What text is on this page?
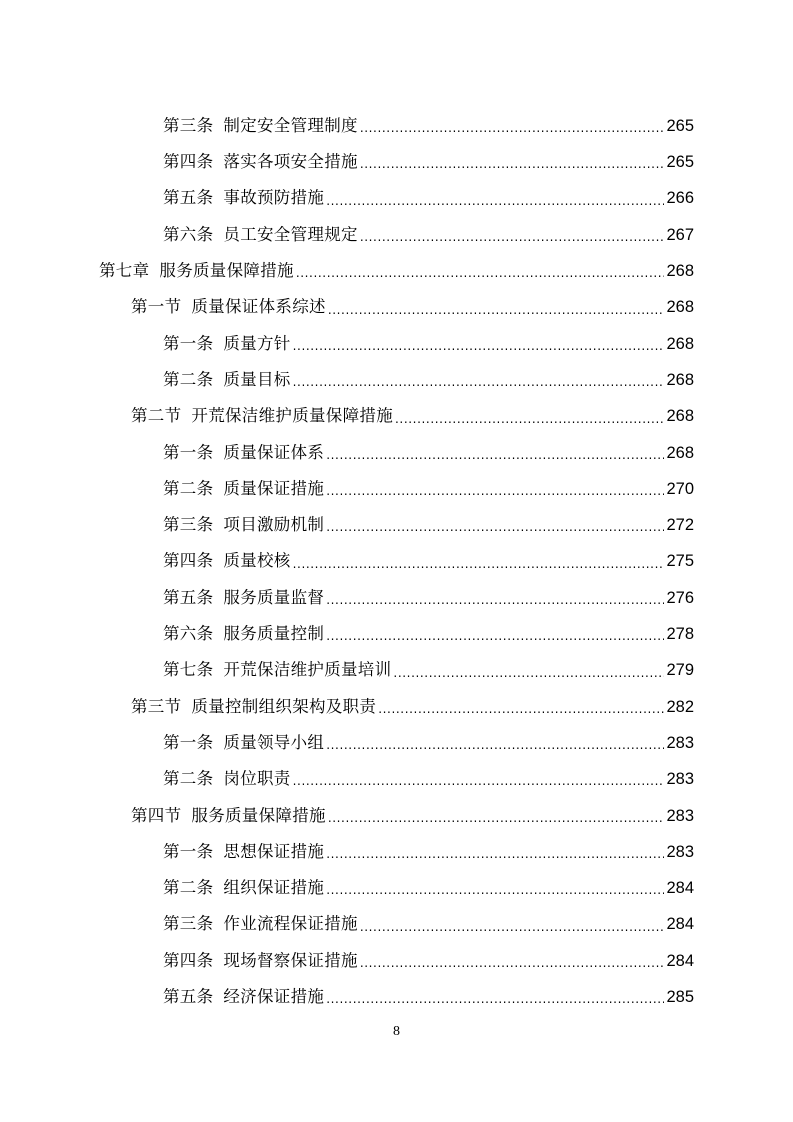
第三条 制定安全管理制度 .....	265
第四条 落实各项安全措施 .....	265
第五条 事故预防措施 .....	266
第六条 员工安全管理规定 .....	267
第七章 服务质量保障措施 .....	268
第一节 质量保证体系综述 .....	268
第一条 质量方针 .....	268
第二条 质量目标 .....	268
第二节 开荒保洁维护质量保障措施 .....	268
第一条 质量保证体系 .....	268
第二条 质量保证措施 .....	270
第三条 项目激励机制 .....	272
第四条 质量校核 .....	275
第五条 服务质量监督 .....	276
第六条 服务质量控制 .....	278
第七条 开荒保洁维护质量培训 .....	279
第三节 质量控制组织架构及职责 .....	282
第一条 质量领导小组 .....	283
第二条 岗位职责 .....	283
第四节 服务质量保障措施 .....	283
第一条 思想保证措施 .....	283
第二条 组织保证措施 .....	284
第三条 作业流程保证措施 .....	284
第四条 现场督察保证措施 .....	284
第五条 经济保证措施 .....	285
8
